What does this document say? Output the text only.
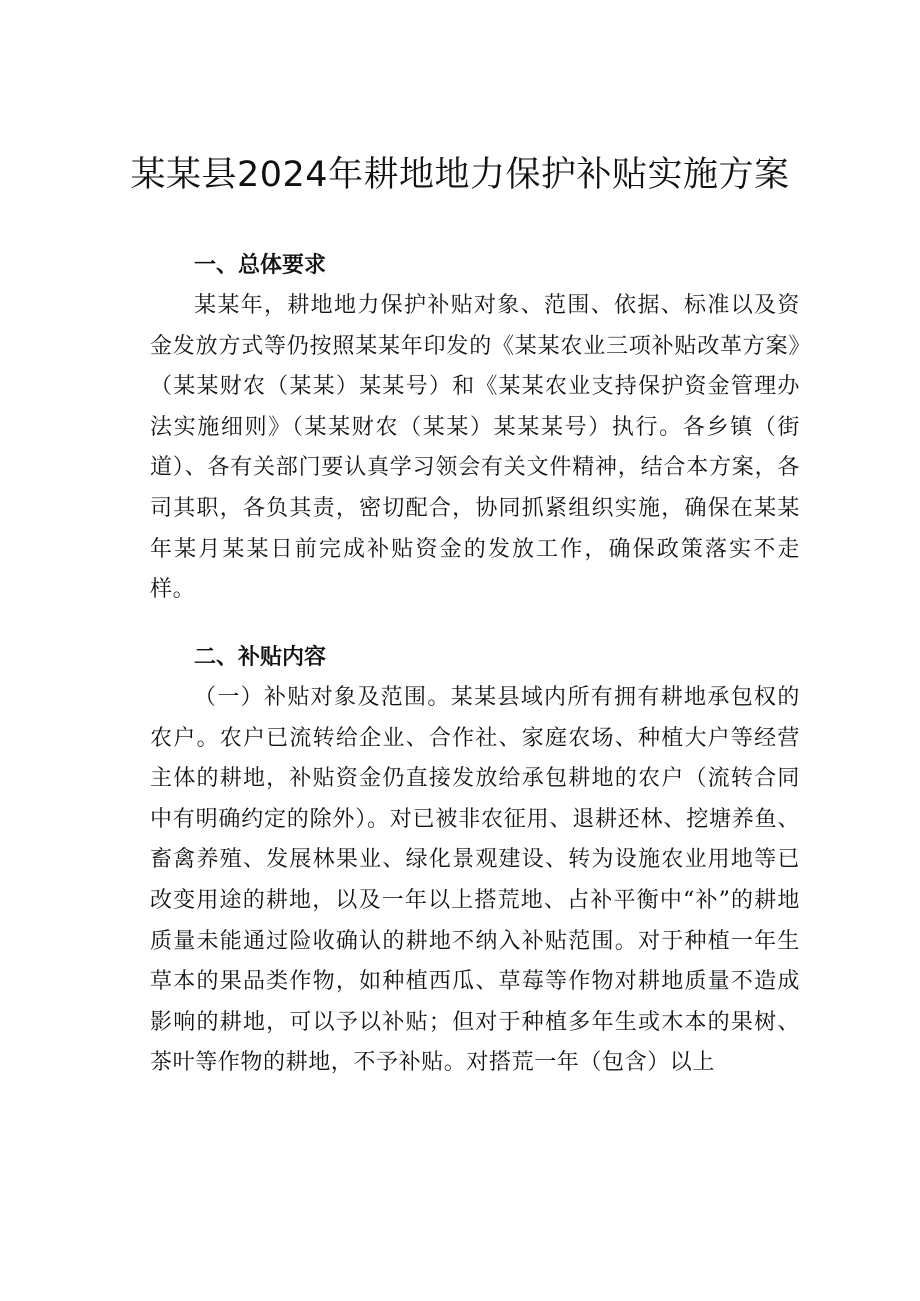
某某县2024年耕地地力保护补贴实施方案
一、总体要求

某某年，耕地地力保护补贴对象、范围、依据、标准以及资金发放方式等仍按照某某年印发的《某某农业三项补贴改革方案》（某某财农（某某）某某号）和《某某农业支持保护资金管理办法实施细则》（某某财农（某某）某某某号）执行。各乡镇（街道）、各有关部门要认真学习领会有关文件精神，结合本方案，各司其职，各负其责，密切配合，协同抓紧组织实施，确保在某某年某月某某日前完成补贴资金的发放工作，确保政策落实不走样。

二、补贴内容

（一）补贴对象及范围。某某县域内所有拥有耕地承包权的农户。农户已流转给企业、合作社、家庭农场、种植大户等经营主体的耕地，补贴资金仍直接发放给承包耕地的农户（流转合同中有明确约定的除外）。对已被非农征用、退耕还林、挖塘养鱼、畜禽养殖、发展林果业、绿化景观建设、转为设施农业用地等已改变用途的耕地，以及一年以上搭荒地、占补平衡中“补”的耕地质量未能通过险收确认的耕地不纳入补贴范围。对于种植一年生草本的果品类作物，如种植西瓜、草莓等作物对耕地质量不造成影响的耕地，可以予以补贴；但对于种植多年生或木本的果树、茶叶等作物的耕地，不予补贴。对搭荒一年（包含）以上
